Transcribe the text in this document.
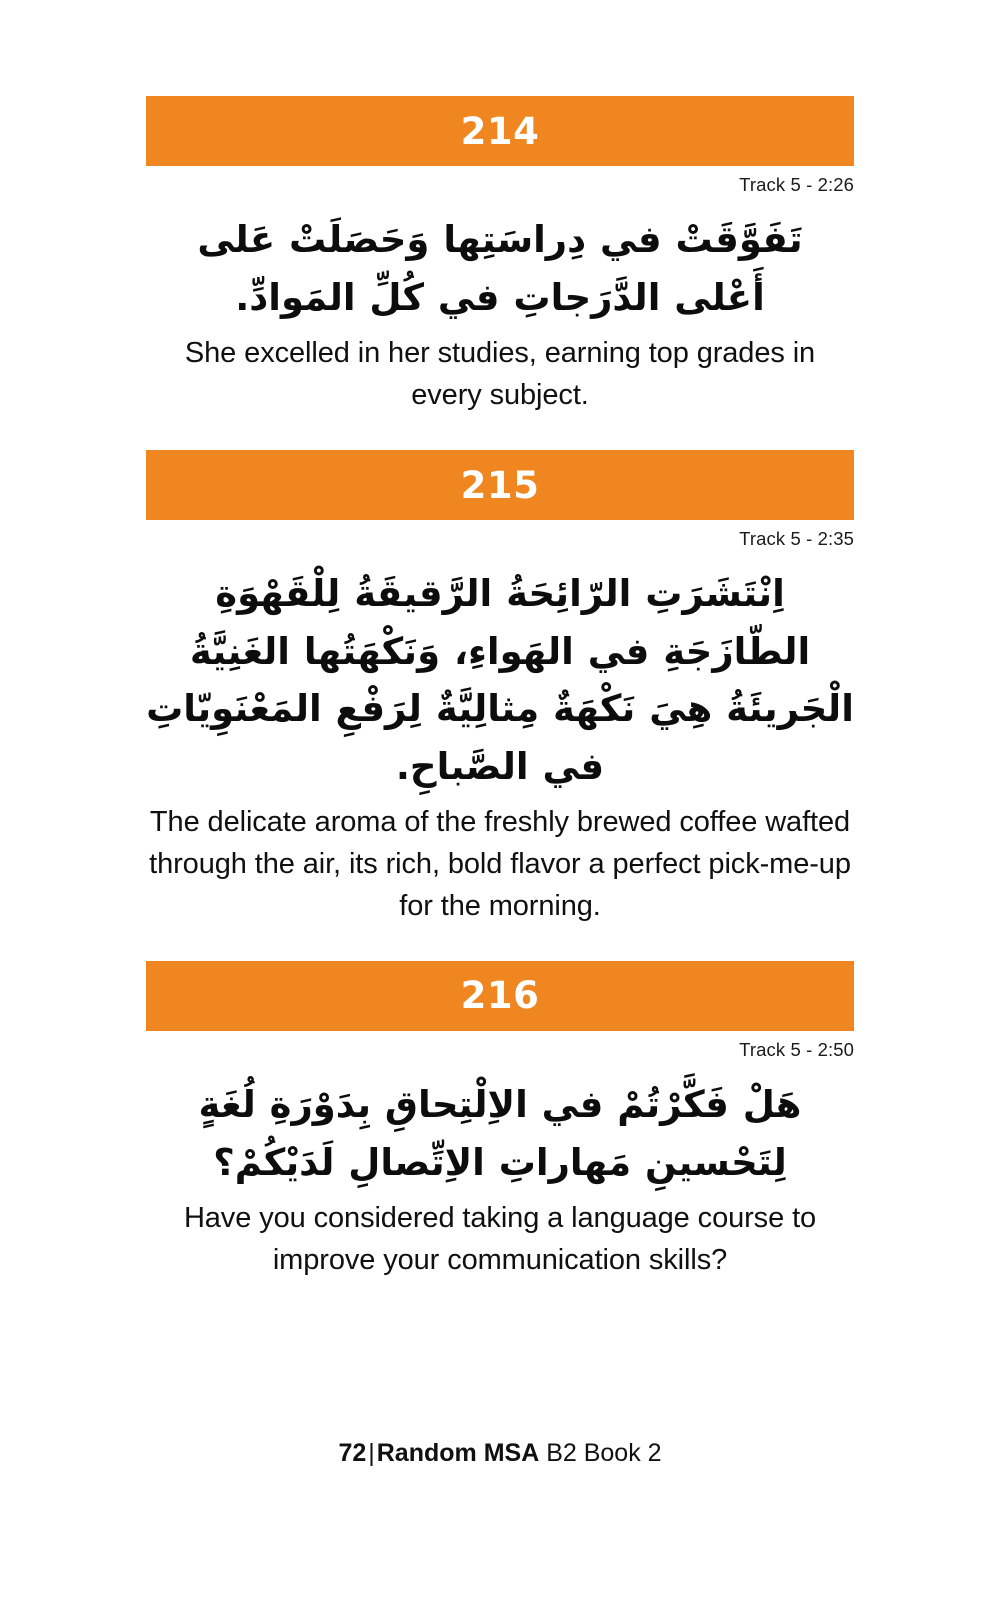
214
Track 5 - 2:26
تَفَوَّقَتْ في دِراسَتِها وَحَصَلَتْ عَلى أَعْلى الدَّرَجاتِ في كُلِّ المَوادِّ.
She excelled in her studies, earning top grades in every subject.
215
Track 5 - 2:35
اِنْتَشَرَتِ الرّائِحَةُ الرَّقيقَةُ لِلْقَهْوَةِ الطّازَجَةِ في الهَواءِ، وَنَكْهَتُها الغَنِيَّةُ الْجَريئَةُ هِيَ نَكْهَةٌ مِثالِيَّةٌ لِرَفْعِ المَعْنَوِيّاتِ في الصَّباحِ.
The delicate aroma of the freshly brewed coffee wafted through the air, its rich, bold flavor a perfect pick-me-up for the morning.
216
Track 5 - 2:50
هَلْ فَكَّرْتُمْ في الاِلْتِحاقِ بِدَوْرَةِ لُغَةٍ لِتَحْسينِ مَهاراتِ الاِتِّصالِ لَدَيْكُمْ؟
Have you considered taking a language course to improve your communication skills?
72|Random MSA B2 Book 2
